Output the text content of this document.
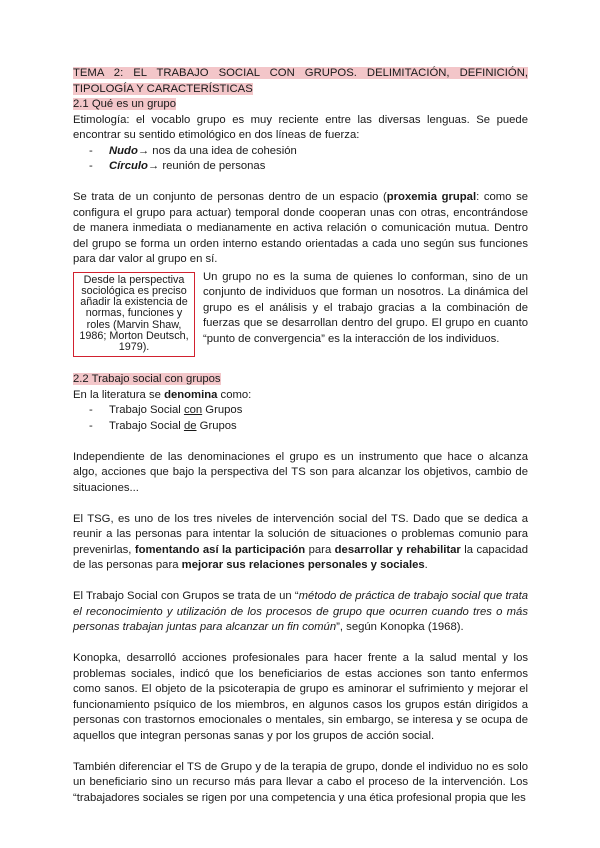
TEMA 2: EL TRABAJO SOCIAL CON GRUPOS. DELIMITACIÓN, DEFINICIÓN,

TIPOLOGÍA Y CARACTERÍSTICAS

2.1 Qué es un grupo

Etimología: el vocablo grupo es muy reciente entre las diversas lenguas. Se puede encontrar su sentido etimológico en dos líneas de fuerza:

- Nudo→ nos da una idea de cohesión
- Círculo→ reunión de personas

Se trata de un conjunto de personas dentro de un espacio (proxemia grupal: como se configura el grupo para actuar) temporal donde cooperan unas con otras, encontrándose de manera inmediata o medianamente en activa relación o comunicación mutua. Dentro del grupo se forma un orden interno estando orientadas a cada uno según sus funciones para dar valor al grupo en sí.

Desde la perspectiva sociológica es preciso añadir la existencia de normas, funciones y roles (Marvin Shaw, 1986; Morton Deutsch, 1979).

Un grupo no es la suma de quienes lo conforman, sino de un conjunto de individuos que forman un nosotros. La dinámica del grupo es el análisis y el trabajo gracias a la combinación de fuerzas que se desarrollan dentro del grupo. El grupo en cuanto “punto de convergencia” es la interacción de los individuos.

2.2 Trabajo social con grupos

En la literatura se denomina como:

- Trabajo Social con Grupos
- Trabajo Social de Grupos

Independiente de las denominaciones el grupo es un instrumento que hace o alcanza algo, acciones que bajo la perspectiva del TS son para alcanzar los objetivos, cambio de situaciones...

El TSG, es uno de los tres niveles de intervención social del TS. Dado que se dedica a reunir a las personas para intentar la solución de situaciones o problemas comunio para prevenirlas, fomentando así la participación para desarrollar y rehabilitar la capacidad de las personas para mejorar sus relaciones personales y sociales.

El Trabajo Social con Grupos se trata de un “método de práctica de trabajo social que trata el reconocimiento y utilización de los procesos de grupo que ocurren cuando tres o más personas trabajan juntas para alcanzar un fin común”, según Konopka (1968).

Konopka, desarrolló acciones profesionales para hacer frente a la salud mental y los problemas sociales, indicó que los beneficiarios de estas acciones son tanto enfermos como sanos. El objeto de la psicoterapia de grupo es aminorar el sufrimiento y mejorar el funcionamiento psíquico de los miembros, en algunos casos los grupos están dirigidos a personas con trastornos emocionales o mentales, sin embargo, se interesa y se ocupa de aquellos que integran personas sanas y por los grupos de acción social.

También diferenciar el TS de Grupo y de la terapia de grupo, donde el individuo no es solo un beneficiario sino un recurso más para llevar a cabo el proceso de la intervención. Los “trabajadores sociales se rigen por una competencia y una ética profesional propia que les
